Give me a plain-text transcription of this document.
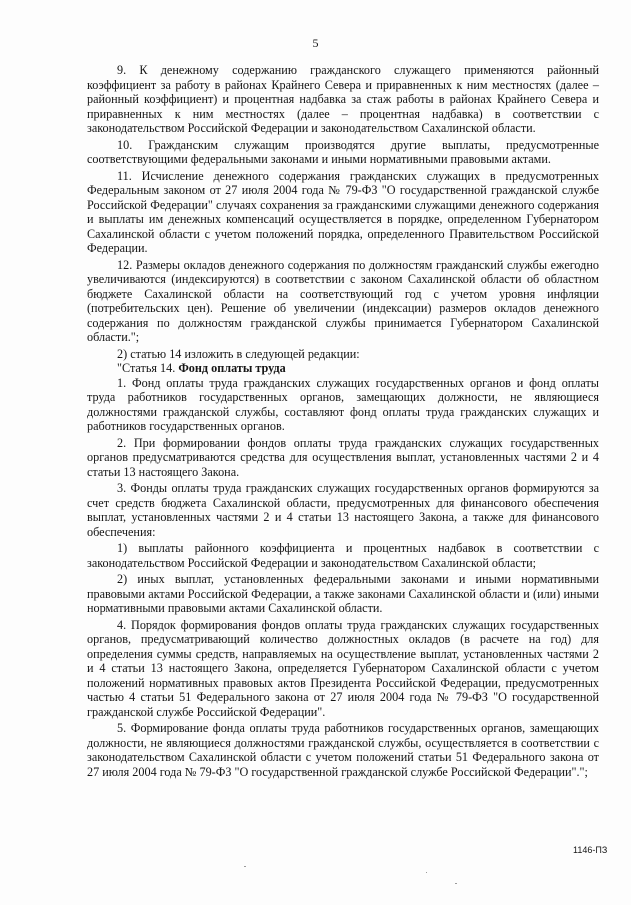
5

9. К денежному содержанию гражданского служащего применяются районный коэффициент за работу в районах Крайнего Севера и приравненных к ним местностях (далее – районный коэффициент) и процентная надбавка за стаж работы в районах Крайнего Севера и приравненных к ним местностях (далее – процентная надбавка) в соответствии с законодательством Российской Федерации и законодательством Сахалинской области.

10. Гражданским служащим производятся другие выплаты, предусмотренные соответствующими федеральными законами и иными нормативными правовыми актами.

11. Исчисление денежного содержания гражданских служащих в предусмотренных Федеральным законом от 27 июля 2004 года № 79-ФЗ "О государственной гражданской службе Российской Федерации" случаях сохранения за гражданскими служащими денежного содержания и выплаты им денежных компенсаций осуществляется в порядке, определенном Губернатором Сахалинской области с учетом положений порядка, определенного Правительством Российской Федерации.

12. Размеры окладов денежного содержания по должностям гражданский службы ежегодно увеличиваются (индексируются) в соответствии с законом Сахалинской области об областном бюджете Сахалинской области на соответствующий год с учетом уровня инфляции (потребительских цен). Решение об увеличении (индексации) размеров окладов денежного содержания по должностям гражданской службы принимается Губернатором Сахалинской области.";

2) статью 14 изложить в следующей редакции:

"Статья 14. Фонд оплаты труда

1. Фонд оплаты труда гражданских служащих государственных органов и фонд оплаты труда работников государственных органов, замещающих должности, не являющиеся должностями гражданской службы, составляют фонд оплаты труда гражданских служащих и работников государственных органов.

2. При формировании фондов оплаты труда гражданских служащих государственных органов предусматриваются средства для осуществления выплат, установленных частями 2 и 4 статьи 13 настоящего Закона.

3. Фонды оплаты труда гражданских служащих государственных органов формируются за счет средств бюджета Сахалинской области, предусмотренных для финансового обеспечения выплат, установленных частями 2 и 4 статьи 13 настоящего Закона, а также для финансового обеспечения:

1) выплаты районного коэффициента и процентных надбавок в соответствии с законодательством Российской Федерации и законодательством Сахалинской области;

2) иных выплат, установленных федеральными законами и иными нормативными правовыми актами Российской Федерации, а также законами Сахалинской области и (или) иными нормативными правовыми актами Сахалинской области.

4. Порядок формирования фондов оплаты труда гражданских служащих государственных органов, предусматривающий количество должностных окладов (в расчете на год) для определения суммы средств, направляемых на осуществление выплат, установленных частями 2 и 4 статьи 13 настоящего Закона, определяется Губернатором Сахалинской области с учетом положений нормативных правовых актов Президента Российской Федерации, предусмотренных частью 4 статьи 51 Федерального закона от 27 июля 2004 года № 79-ФЗ "О государственной гражданской службе Российской Федерации".

5. Формирование фонда оплаты труда работников государственных органов, замещающих должности, не являющиеся должностями гражданской службы, осуществляется в соответствии с законодательством Сахалинской области с учетом положений статьи 51 Федерального закона от 27 июля 2004 года № 79-ФЗ "О государственной гражданской службе Российской Федерации".";

1146-ПЗ
